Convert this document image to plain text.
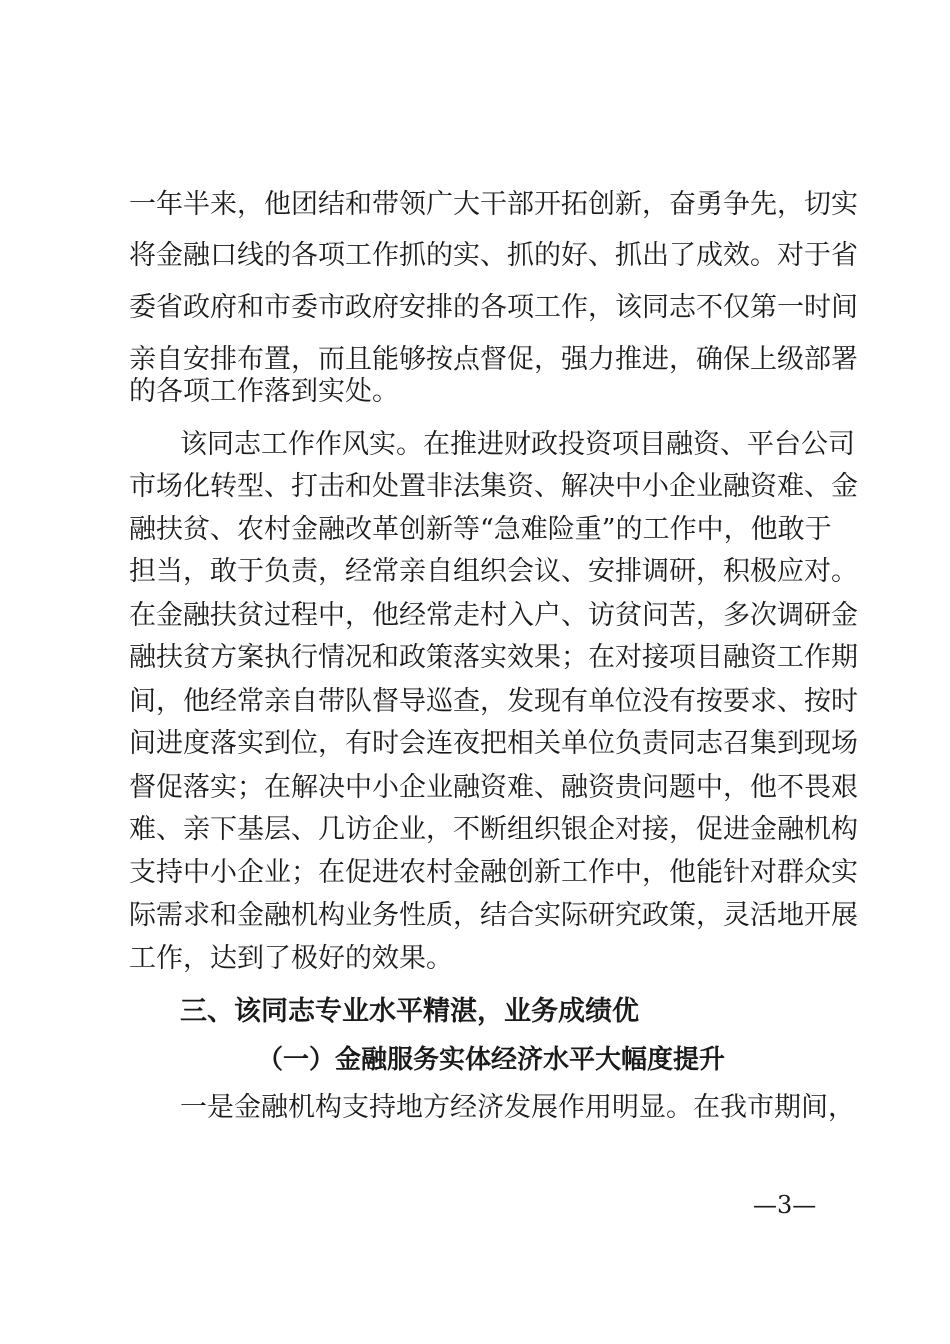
一年半来，他团结和带领广大干部开拓创新，奋勇争先，切实
将金融口线的各项工作抓的实、抓的好、抓出了成效。对于省
委省政府和市委市政府安排的各项工作，该同志不仅第一时间
亲自安排布置，而且能够按点督促，强力推进，确保上级部署
的各项工作落到实处。
该同志工作作风实。在推进财政投资项目融资、平台公司
市场化转型、打击和处置非法集资、解决中小企业融资难、金
融扶贫、农村金融改革创新等“急难险重”的工作中，他敢于
担当，敢于负责，经常亲自组织会议、安排调研，积极应对。
在金融扶贫过程中，他经常走村入户、访贫问苦，多次调研金
融扶贫方案执行情况和政策落实效果；在对接项目融资工作期
间，他经常亲自带队督导巡查，发现有单位没有按要求、按时
间进度落实到位，有时会连夜把相关单位负责同志召集到现场
督促落实；在解决中小企业融资难、融资贵问题中，他不畏艰
难、亲下基层、几访企业，不断组织银企对接，促进金融机构
支持中小企业；在促进农村金融创新工作中，他能针对群众实
际需求和金融机构业务性质，结合实际研究政策，灵活地开展
工作，达到了极好的效果。
三、该同志专业水平精湛，业务成绩优
（一）金融服务实体经济水平大幅度提升
一是金融机构支持地方经济发展作用明显。在我市期间，
—3—
